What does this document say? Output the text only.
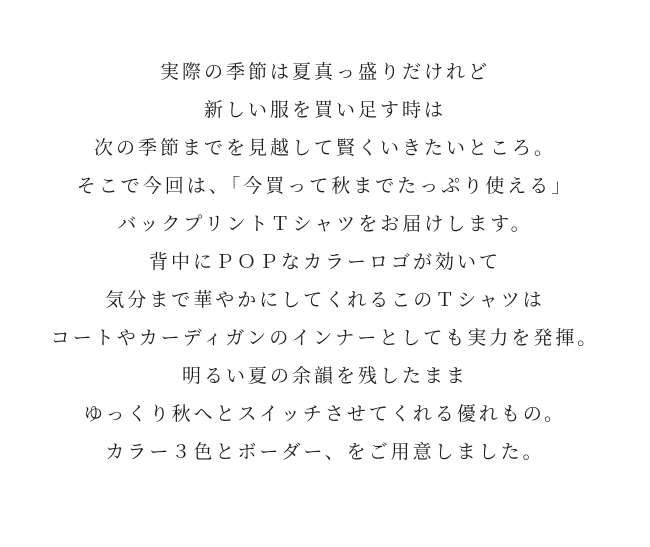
実際の季節は夏真っ盛りだけれど

新しい服を買い足す時は

次の季節までを見越して賢くいきたいところ。

そこで今回は、「今買って秋までたっぷり使える」

バックプリントＴシャツをお届けします。

背中にＰＯＰなカラーロゴが効いて

気分まで華やかにしてくれるこのＴシャツは

コートやカーディガンのインナーとしても実力を発揮。

明るい夏の余韻を残したまま

ゆっくり秋へとスイッチさせてくれる優れもの。

カラー３色とボーダー、をご用意しました。
